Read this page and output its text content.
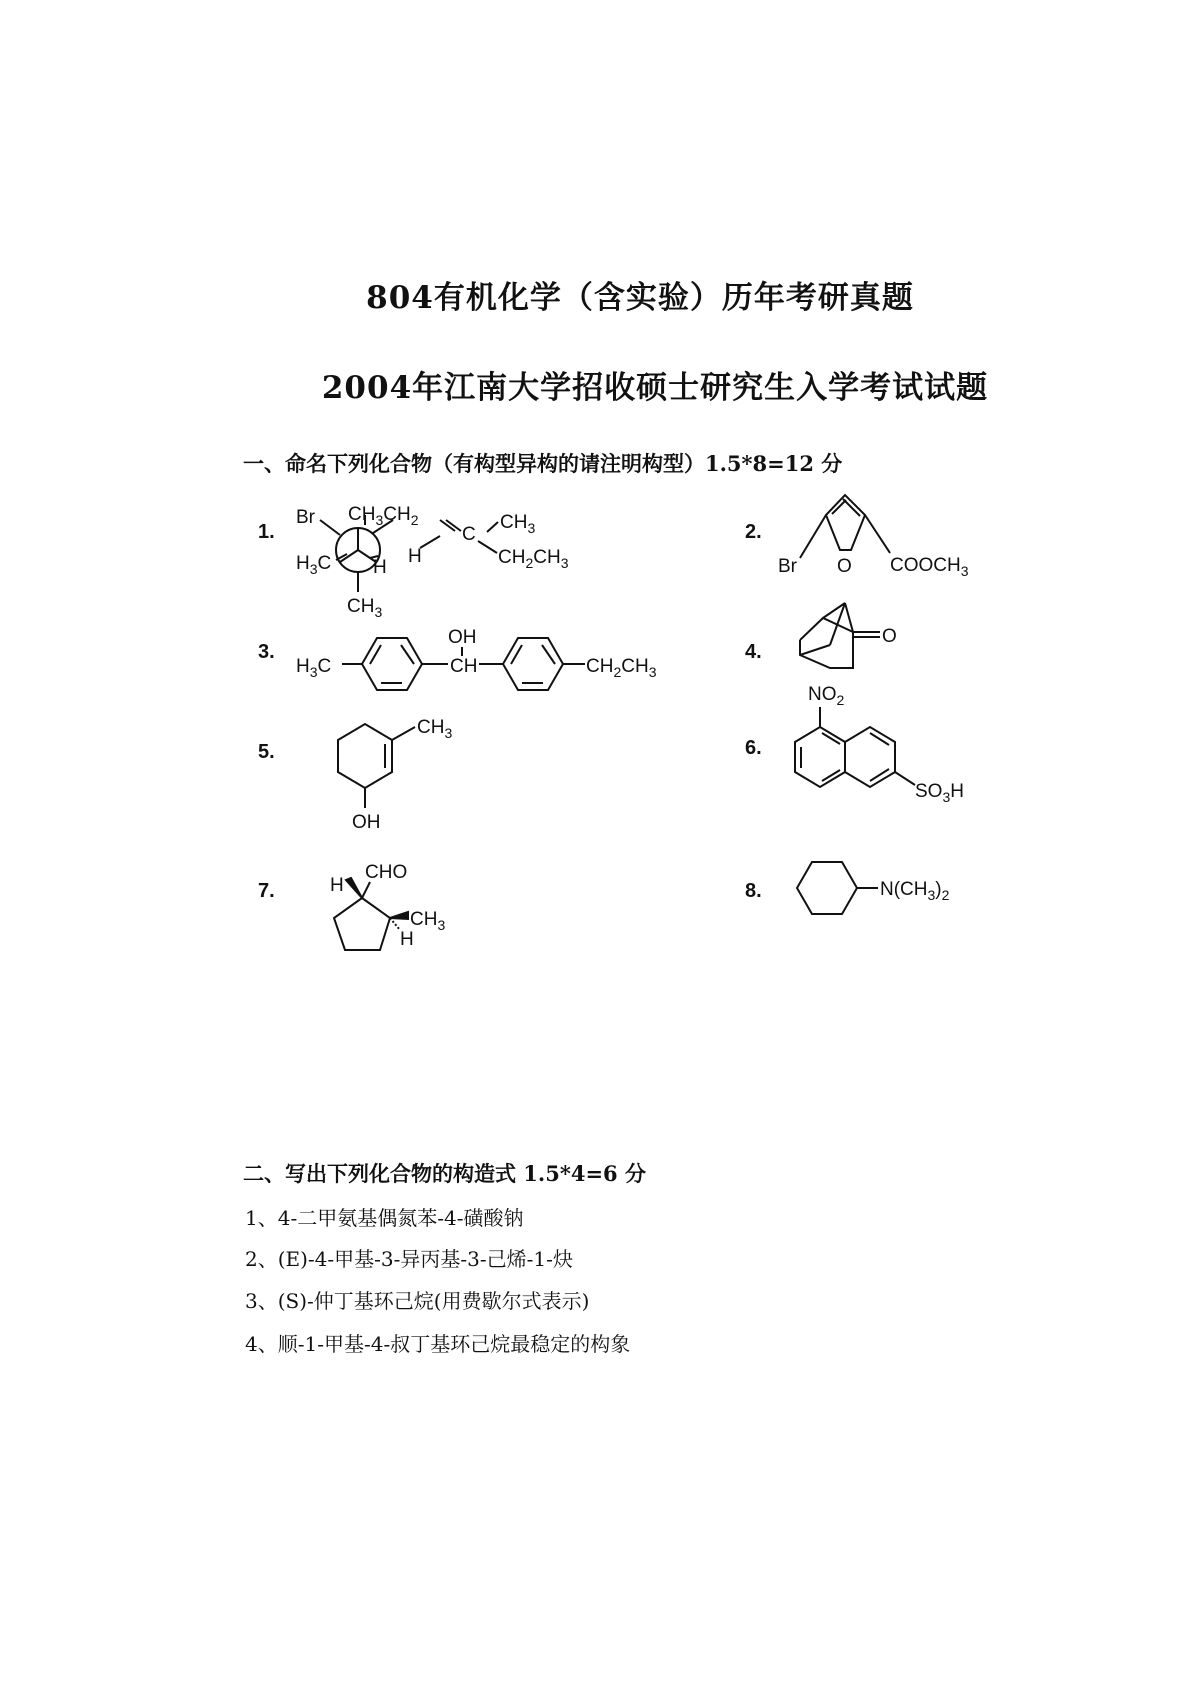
804有机化学（含实验）历年考研真题
2004年江南大学招收硕士研究生入学考试试题
一、命名下列化合物（有构型异构的请注明构型）1.5*8=12 分
1.	2.
3.	4.
5.	6.
7.	8.
Br $CH_3CH_2$
$H_3C$ H
$CH_3$
C
H
$CH_3$
$CH_2CH_3$	Br O $COOCH_3$
$H_3C$
OH
CH	$CH_2CH_3$
O
$CH_3$
OH
$NO_2$
$SO_3H$
H
CHO
$CH_3$
H
$N(CH_3)_2$
二、写出下列化合物的构造式 1.5*4=6 分
1、4-二甲氨基偶氮苯-4-磺酸钠
2、(E)-4-甲基-3-异丙基-3-己烯-1-炔
3、(S)-仲丁基环己烷(用费歇尔式表示)
4、顺-1-甲基-4-叔丁基环己烷最稳定的构象
